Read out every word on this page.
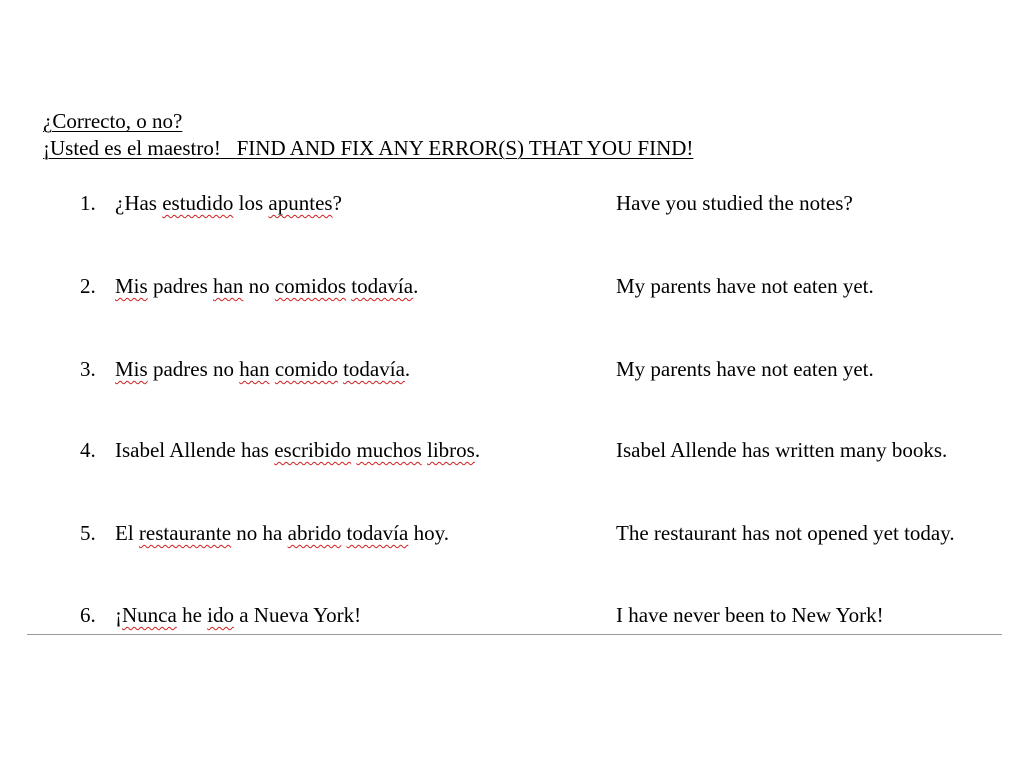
¿Correcto, o no?
¡Usted es el maestro! FIND AND FIX ANY ERROR(S) THAT YOU FIND!
1. ¿Has estudido los apuntes?	Have you studied the notes?
2. Mis padres han no comidos todavía.	My parents have not eaten yet.
3. Mis padres no han comido todavía.	My parents have not eaten yet.
4. Isabel Allende has escribido muchos libros.	Isabel Allende has written many books.
5. El restaurante no ha abrido todavía hoy.	The restaurant has not opened yet today.
6. ¡Nunca he ido a Nueva York!	I have never been to New York!
